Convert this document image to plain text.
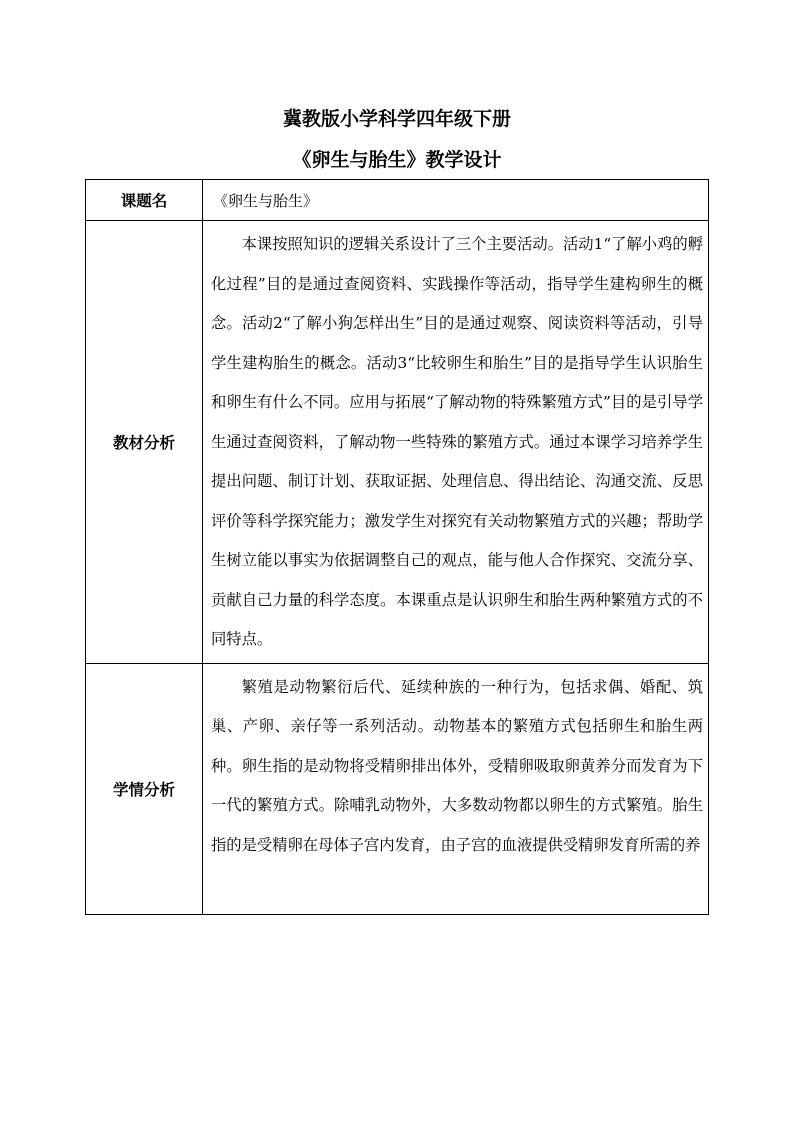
冀教版小学科学四年级下册
《卵生与胎生》教学设计
课题名	《卵生与胎生》
教材分析	本课按照知识的逻辑关系设计了三个主要活动。活动1“了解小鸡的孵化过程”目的是通过查阅资料、实践操作等活动，指导学生建构卵生的概念。活动2“了解小狗怎样出生”目的是通过观察、阅读资料等活动，引导学生建构胎生的概念。活动3“比较卵生和胎生”目的是指导学生认识胎生和卵生有什么不同。应用与拓展“了解动物的特殊繁殖方式”目的是引导学生通过查阅资料，了解动物一些特殊的繁殖方式。通过本课学习培养学生提出问题、制订计划、获取证据、处理信息、得出结论、沟通交流、反思评价等科学探究能力；激发学生对探究有关动物繁殖方式的兴趣；帮助学生树立能以事实为依据调整自己的观点，能与他人合作探究、交流分享、贡献自己力量的科学态度。本课重点是认识卵生和胎生两种繁殖方式的不同特点。

学情分析	繁殖是动物繁衍后代、延续种族的一种行为，包括求偶、婚配、筑巢、产卵、亲仔等一系列活动。动物基本的繁殖方式包括卵生和胎生两种。卵生指的是动物将受精卵排出体外，受精卵吸取卵黄养分而发育为下一代的繁殖方式。除哺乳动物外，大多数动物都以卵生的方式繁殖。胎生指的是受精卵在母体子宫内发育，由子宫的血液提供受精卵发育所需的养
